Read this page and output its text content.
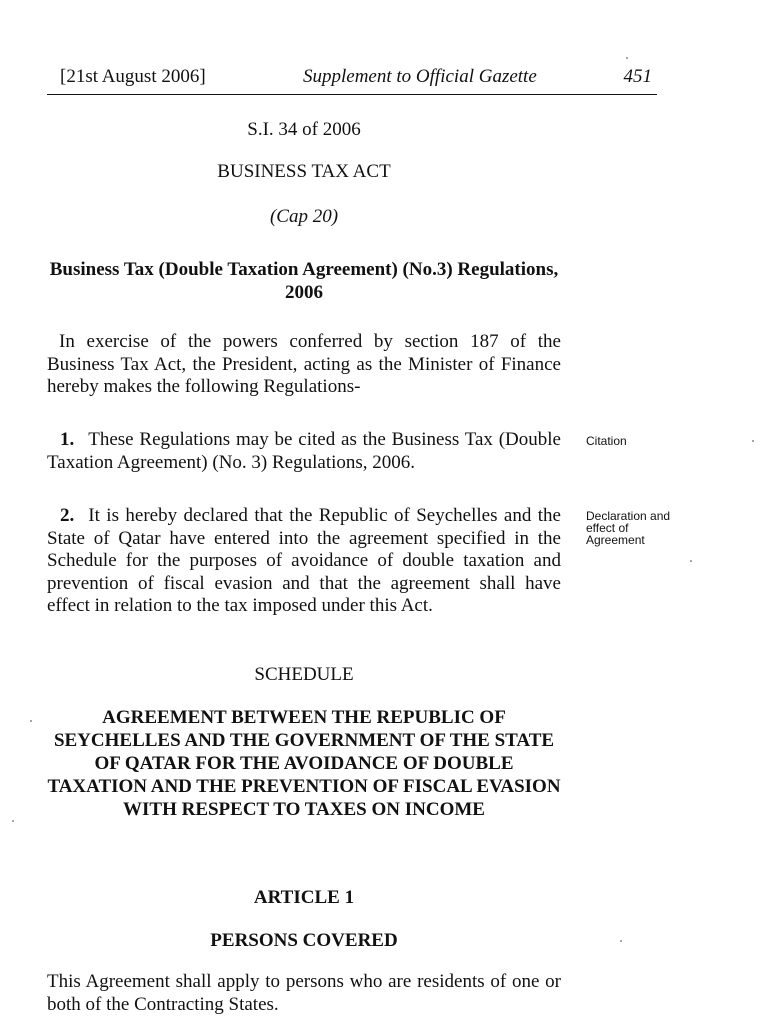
[21st August 2006]	Supplement to Official Gazette	451
S.I. 34 of 2006
BUSINESS TAX ACT
(Cap 20)
Business Tax (Double Taxation Agreement) (No.3) Regulations, 2006
In exercise of the powers conferred by section 187 of the Business Tax Act, the President, acting as the Minister of Finance hereby makes the following Regulations-
1. These Regulations may be cited as the Business Tax (Double Taxation Agreement) (No. 3) Regulations, 2006.
Citation
2. It is hereby declared that the Republic of Seychelles and the State of Qatar have entered into the agreement specified in the Schedule for the purposes of avoidance of double taxation and prevention of fiscal evasion and that the agreement shall have effect in relation to the tax imposed under this Act.
Declaration and effect of Agreement
SCHEDULE
AGREEMENT BETWEEN THE REPUBLIC OF SEYCHELLES AND THE GOVERNMENT OF THE STATE OF QATAR FOR THE AVOIDANCE OF DOUBLE TAXATION AND THE PREVENTION OF FISCAL EVASION WITH RESPECT TO TAXES ON INCOME
ARTICLE 1
PERSONS COVERED
This Agreement shall apply to persons who are residents of one or both of the Contracting States.
